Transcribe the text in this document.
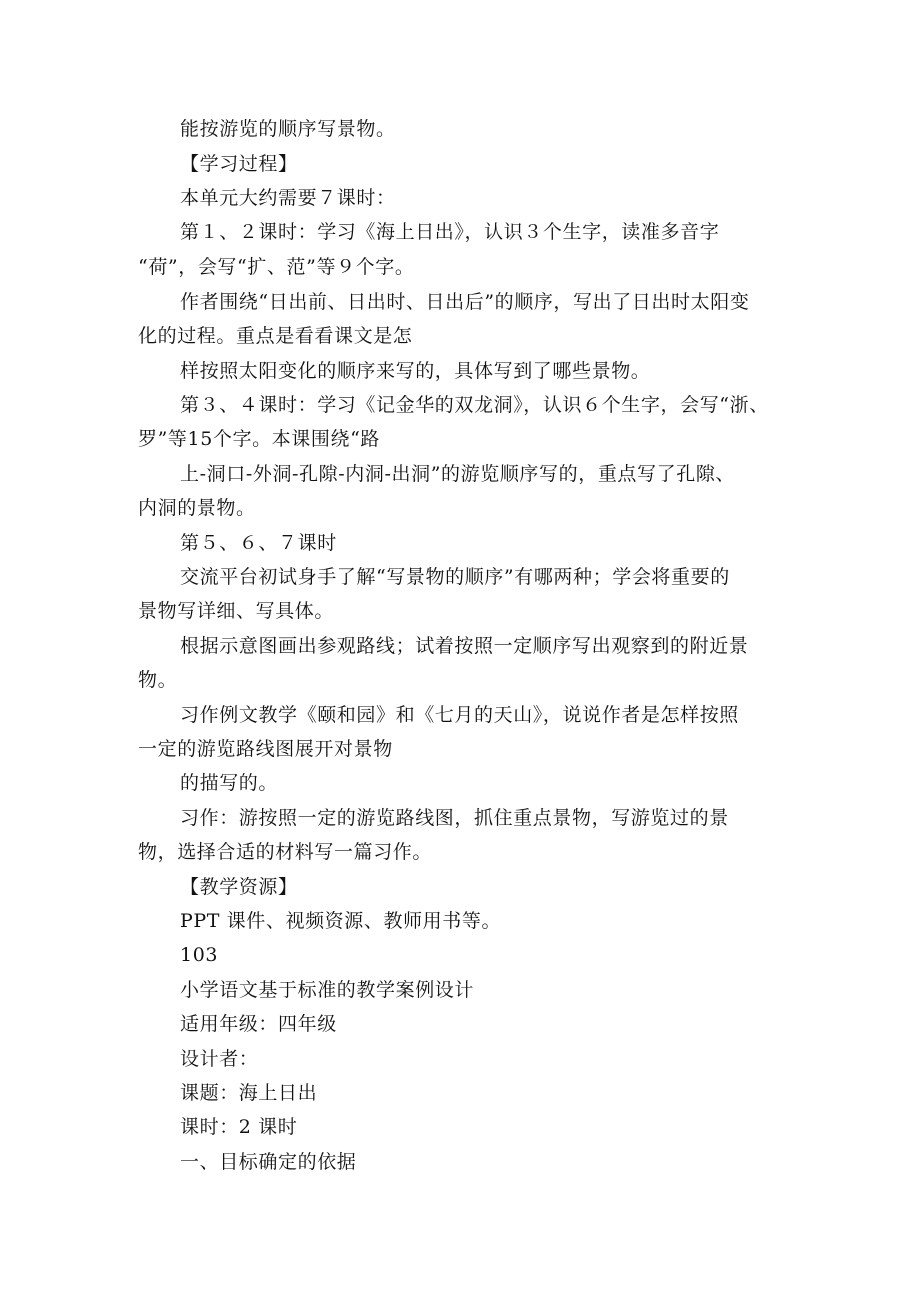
能按游览的顺序写景物。
【学习过程】
本单元大约需要７课时：
第１、２课时：学习《海上日出》，认识３个生字，读准多音字
“荷”，会写“扩、范”等９个字。
作者围绕“日出前、日出时、日出后”的顺序，写出了日出时太阳变
化的过程。重点是看看课文是怎
样按照太阳变化的顺序来写的，具体写到了哪些景物。
第３、４课时：学习《记金华的双龙洞》，认识６个生字，会写“浙、
罗”等15个字。本课围绕“路
上-洞口-外洞-孔隙-内洞-出洞”的游览顺序写的，重点写了孔隙、
内洞的景物。
第５、６、７课时
交流平台初试身手了解“写景物的顺序”有哪两种；学会将重要的
景物写详细、写具体。
根据示意图画出参观路线；试着按照一定顺序写出观察到的附近景
物。
习作例文教学《颐和园》和《七月的天山》，说说作者是怎样按照
一定的游览路线图展开对景物
的描写的。
习作：游按照一定的游览路线图，抓住重点景物，写游览过的景
物，选择合适的材料写一篇习作。
【教学资源】
PPT 课件、视频资源、教师用书等。
103
小学语文基于标准的教学案例设计
适用年级：四年级
设计者：
课题：海上日出
课时：2 课时
一、目标确定的依据
